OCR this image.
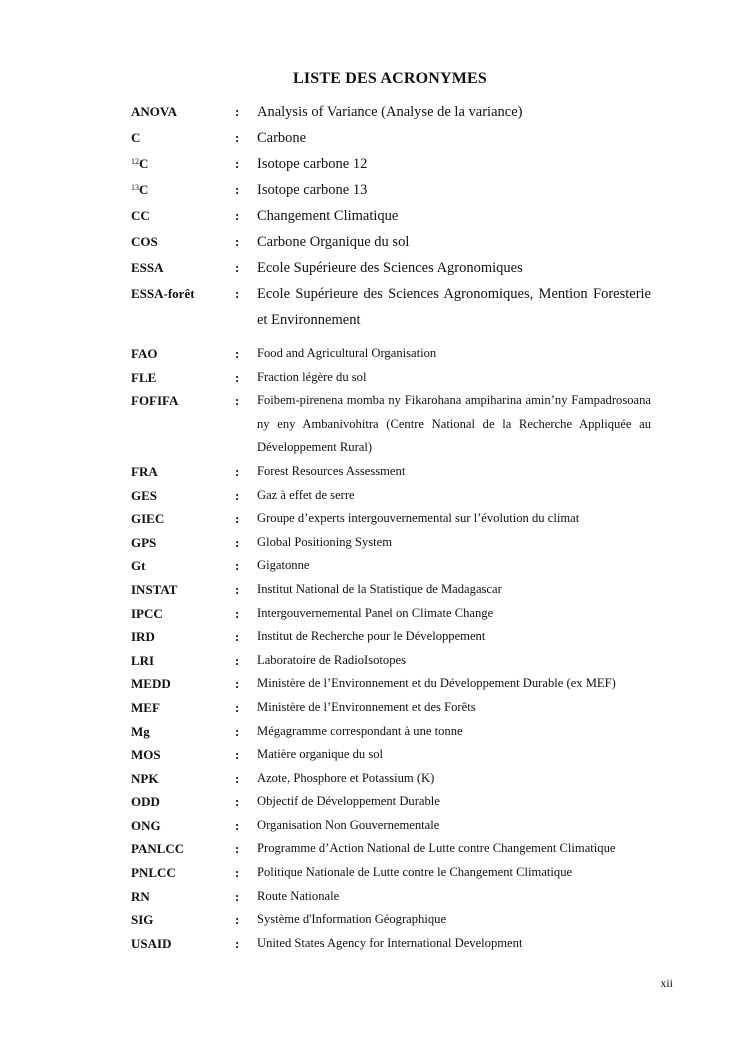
LISTE DES ACRONYMES
ANOVA	:	Analysis of Variance (Analyse de la variance)
C	:	Carbone
$^{12}$C	:	Isotope carbone 12
$^{13}$C	:	Isotope carbone 13
CC	:	Changement Climatique
COS	:	Carbone Organique du sol
ESSA	:	Ecole Supérieure des Sciences Agronomiques
ESSA-forêt	:	Ecole Supérieure des Sciences Agronomiques, Mention Foresterie et Environnement
FAO	:	Food and Agricultural Organisation
FLE	:	Fraction légère du sol
FOFIFA	:	Foibem-pirenena momba ny Fikarohana ampiharina amin’ny Fampadrosoana ny eny Ambanivohitra (Centre National de la Recherche Appliquée au Développement Rural)
FRA	:	Forest Resources Assessment
GES	:	Gaz à effet de serre
GIEC	:	Groupe d’experts intergouvernemental sur l’évolution du climat
GPS	:	Global Positioning System
Gt	:	Gigatonne
INSTAT	:	Institut National de la Statistique de Madagascar
IPCC	:	Intergouvernemental Panel on Climate Change
IRD	:	Institut de Recherche pour le Développement
LRI	:	Laboratoire de RadioIsotopes
MEDD	:	Ministère de l’Environnement et du Développement Durable (ex MEF)
MEF	:	Ministère de l’Environnement et des Forêts
Mg	:	Mégagramme correspondant à une tonne
MOS	:	Matière organique du sol
NPK	:	Azote, Phosphore et Potassium (K)
ODD	:	Objectif de Développement Durable
ONG	:	Organisation Non Gouvernementale
PANLCC	:	Programme d’Action National de Lutte contre Changement Climatique
PNLCC	:	Politique Nationale de Lutte contre le Changement Climatique
RN	:	Route Nationale
SIG	:	Système d'Information Géographique
USAID	:	United States Agency for International Development
xii
